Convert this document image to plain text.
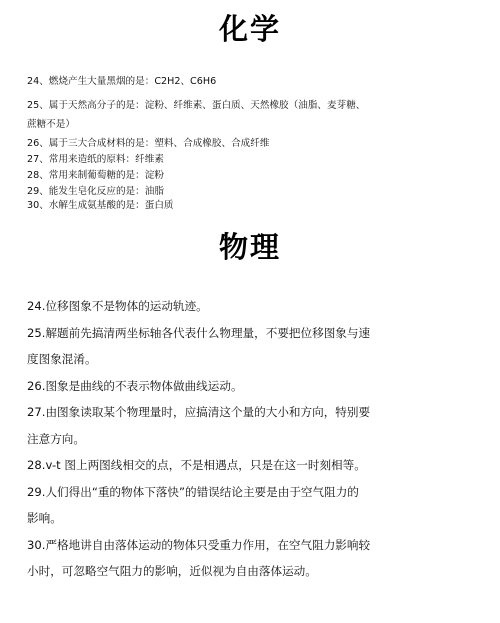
化学
24、燃烧产生大量黑烟的是：C2H2、C6H6
25、属于天然高分子的是：淀粉、纤维素、蛋白质、天然橡胶（油脂、麦芽糖、
蔗糖不是）
26、属于三大合成材料的是：塑料、合成橡胶、合成纤维
27、常用来造纸的原料：纤维素
28、常用来制葡萄糖的是：淀粉
29、能发生皂化反应的是：油脂
30、水解生成氨基酸的是：蛋白质
物理
24.位移图象不是物体的运动轨迹。
25.解题前先搞清两坐标轴各代表什么物理量，不要把位移图象与速
度图象混淆。
26.图象是曲线的不表示物体做曲线运动。
27.由图象读取某个物理量时，应搞清这个量的大小和方向，特别要
注意方向。
28.v-t 图上两图线相交的点，不是相遇点，只是在这一时刻相等。
29.人们得出“重的物体下落快”的错误结论主要是由于空气阻力的
影响。
30.严格地讲自由落体运动的物体只受重力作用，在空气阻力影响较
小时，可忽略空气阻力的影响，近似视为自由落体运动。
